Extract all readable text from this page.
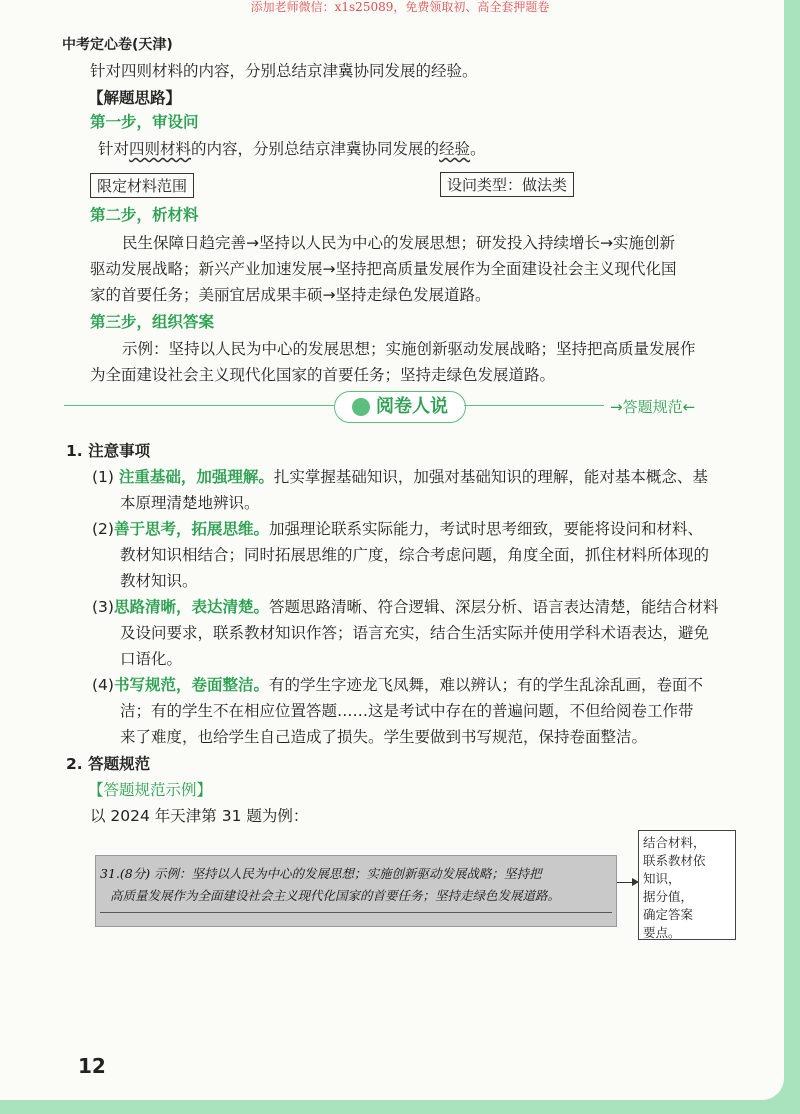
添加老师微信：x1s25089，免费领取初、高全套押题卷
中考定心卷(天津)
针对四则材料的内容，分别总结京津冀协同发展的经验。
【解题思路】
第一步，审设问
针对四则材料的内容，分别总结京津冀协同发展的经验。
限定材料范围	设问类型：做法类
第二步，析材料
民生保障日趋完善→坚持以人民为中心的发展思想；研发投入持续增长→实施创新
驱动发展战略；新兴产业加速发展→坚持把高质量发展作为全面建设社会主义现代化国
家的首要任务；美丽宜居成果丰硕→坚持走绿色发展道路。
第三步，组织答案
示例：坚持以人民为中心的发展思想；实施创新驱动发展战略；坚持把高质量发展作
为全面建设社会主义现代化国家的首要任务；坚持走绿色发展道路。
阅卷人说	→答题规范←
1. 注意事项
(1) 注重基础，加强理解。扎实掌握基础知识，加强对基础知识的理解，能对基本概念、基
本原理清楚地辨识。
(2)善于思考，拓展思维。加强理论联系实际能力，考试时思考细致，要能将设问和材料、
教材知识相结合；同时拓展思维的广度，综合考虑问题，角度全面，抓住材料所体现的
教材知识。
(3)思路清晰，表达清楚。答题思路清晰、符合逻辑、深层分析、语言表达清楚，能结合材料
及设问要求，联系教材知识作答；语言充实，结合生活实际并使用学科术语表达，避免
口语化。
(4)书写规范，卷面整洁。有的学生字迹龙飞凤舞，难以辨认；有的学生乱涂乱画，卷面不
洁；有的学生不在相应位置答题……这是考试中存在的普遍问题，不但给阅卷工作带
来了难度，也给学生自己造成了损失。学生要做到书写规范，保持卷面整洁。
2. 答题规范
【答题规范示例】
以 2024 年天津第 31 题为例：
31.(8分) 示例：坚持以人民为中心的发展思想；实施创新驱动发展战略；坚持把
高质量发展作为全面建设社会主义现代化国家的首要任务；坚持走绿色发展道路。
结合材料，
联系教材依
知识，
据分值，
确定答案
要点。
12
